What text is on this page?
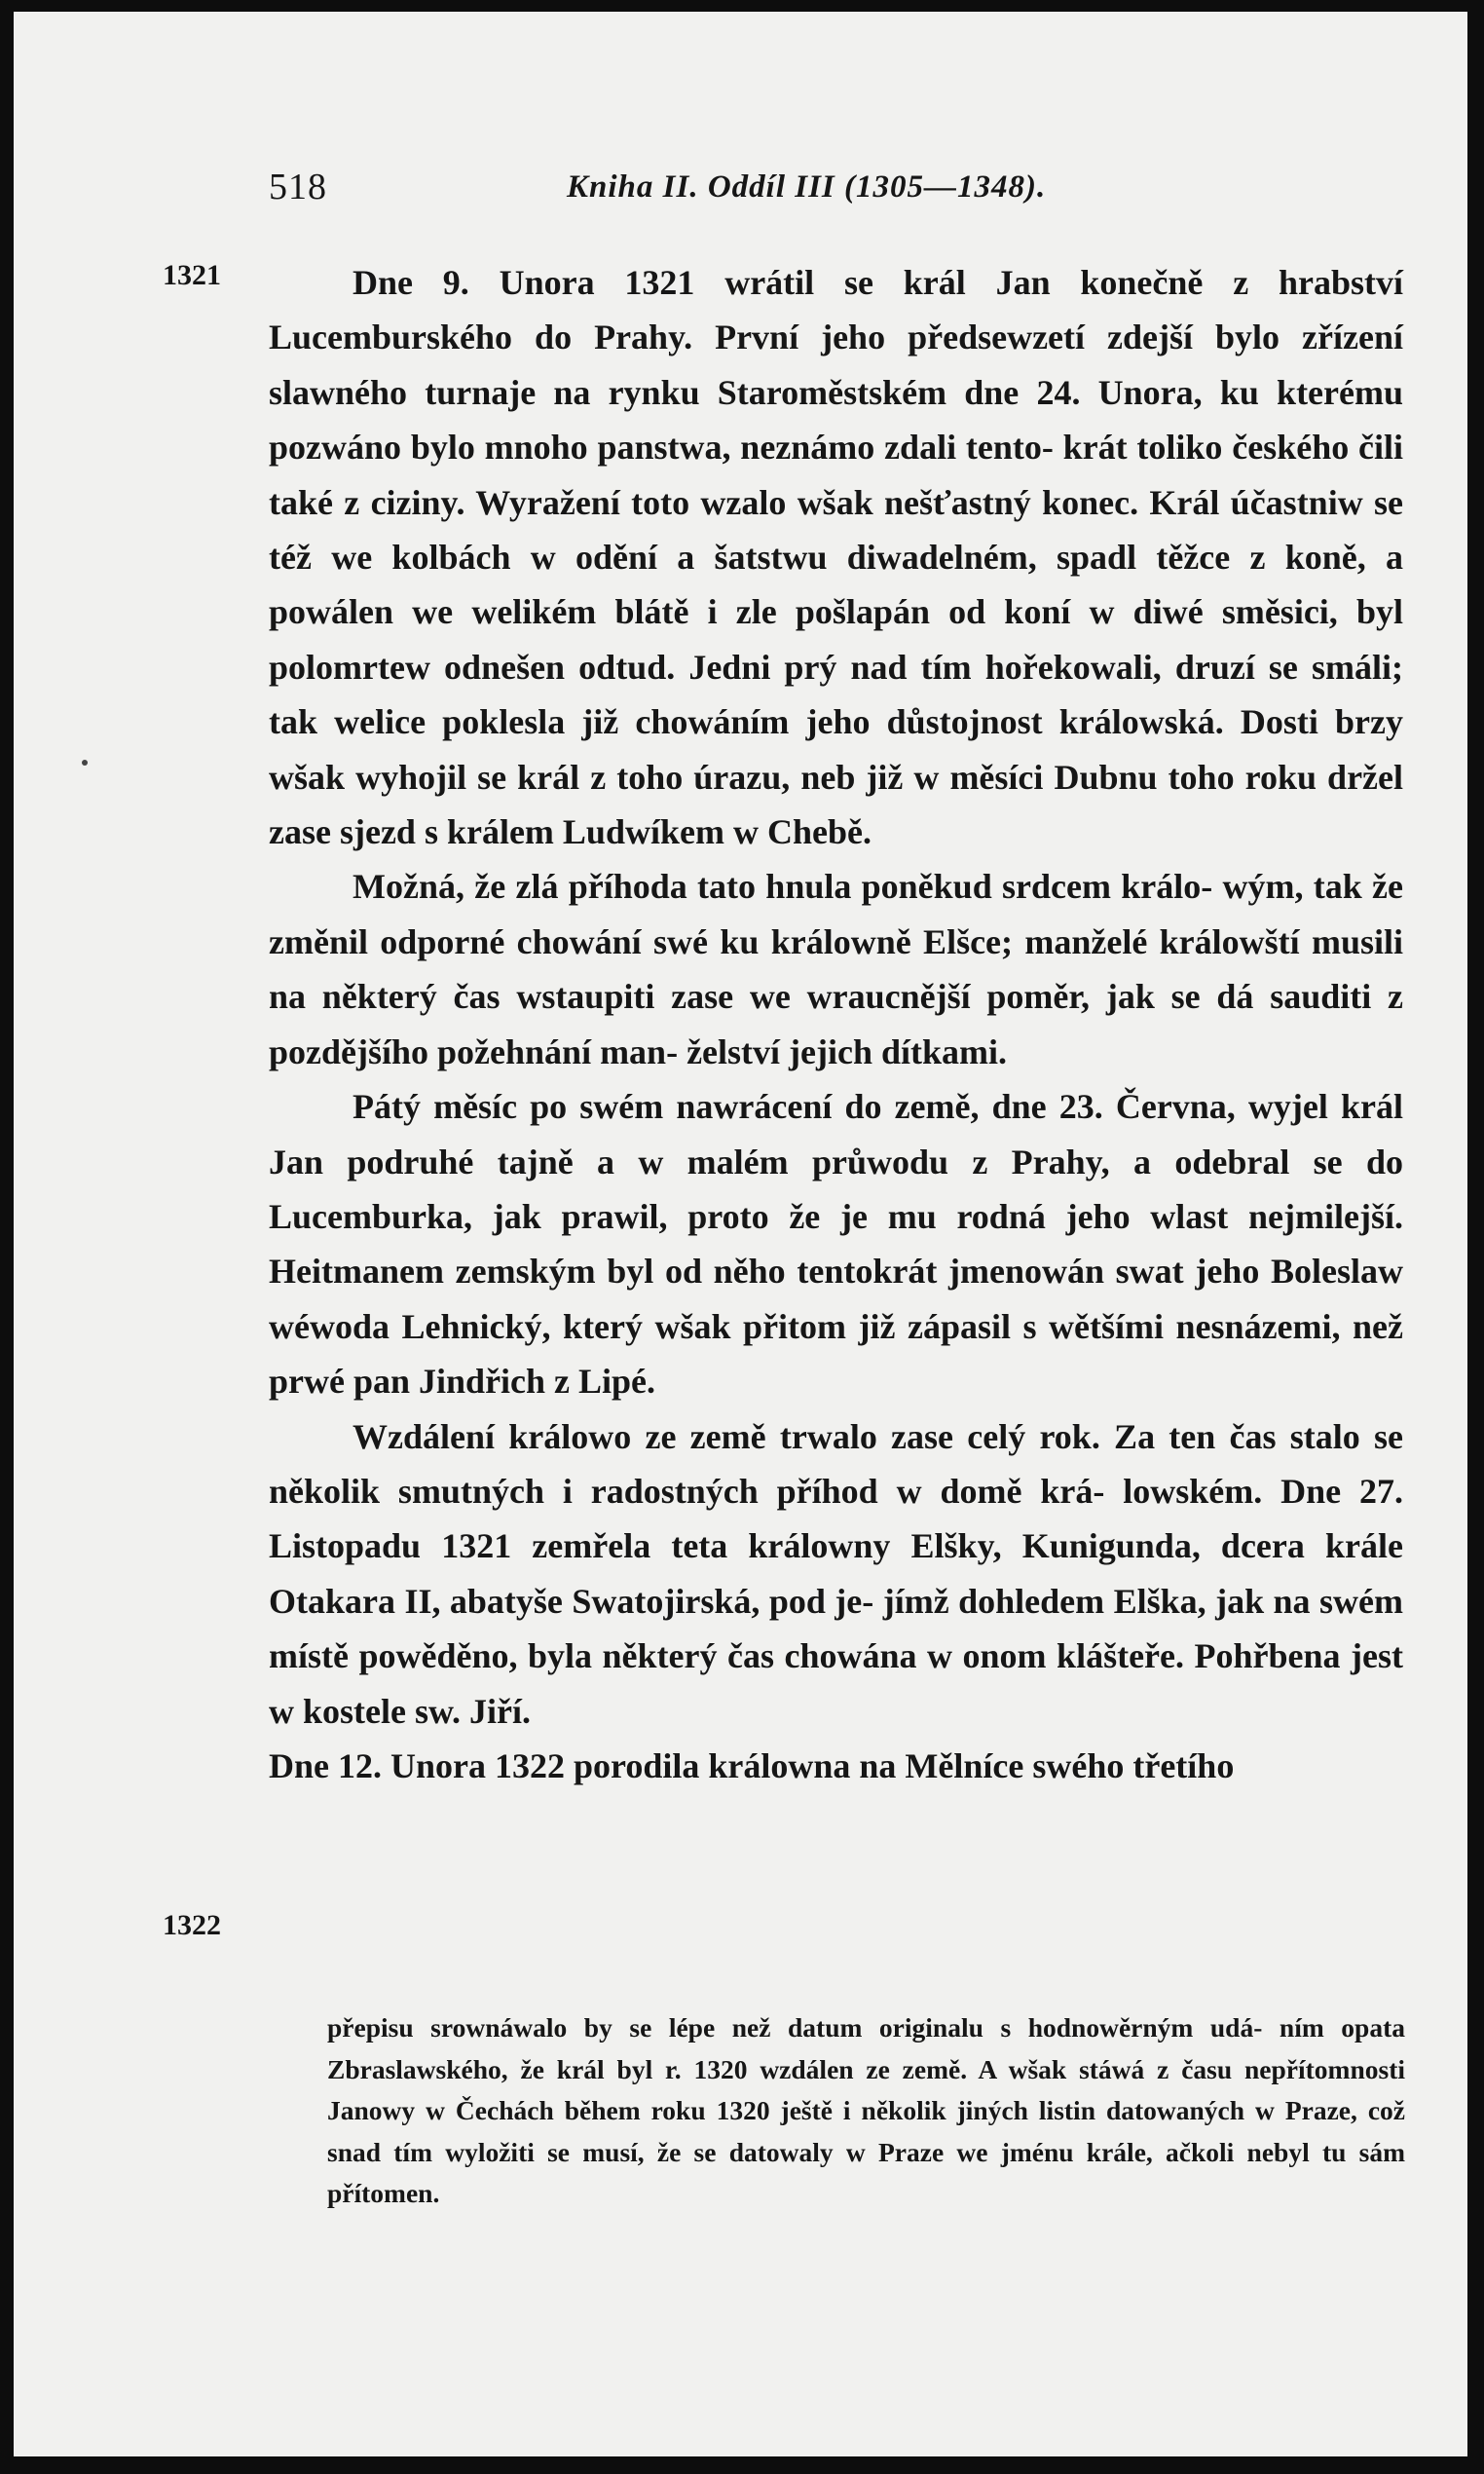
518	Kniha II. Oddíl III (1305—1348).
1321
1322

Dne 9. Unora 1321 wrátil se král Jan konečně z hrabství Lucemburského do Prahy. První jeho předsewzetí zdejší bylo zřízení slawného turnaje na rynku Staroměstském dne 24. Unora, ku kterému pozwáno bylo mnoho panstwa, neznámo zdali tento- krát toliko českého čili také z ciziny. Wyražení toto wzalo wšak nešťastný konec. Král účastniw se též we kolbách w odění a šatstwu diwadelném, spadl těžce z koně, a powálen we welikém blátě i zle pošlapán od koní w diwé směsici, byl polomrtew odnešen odtud. Jedni prý nad tím hořekowali, druzí se smáli; tak welice poklesla již chowáním jeho důstojnost králowská. Dosti brzy wšak wyhojil se král z toho úrazu, neb již w měsíci Dubnu toho roku držel zase sjezd s králem Ludwíkem w Chebě.

Možná, že zlá příhoda tato hnula poněkud srdcem králo- wým, tak že změnil odporné chowání swé ku králowně Elšce; manželé králowští musili na některý čas wstaupiti zase we wraucnější poměr, jak se dá sauditi z pozdějšího požehnání man- želství jejich dítkami.

Pátý měsíc po swém nawrácení do země, dne 23. Června, wyjel král Jan podruhé tajně a w malém průwodu z Prahy, a odebral se do Lucemburka, jak prawil, proto že je mu rodná jeho wlast nejmilejší. Heitmanem zemským byl od něho tentokrát jmenowán swat jeho Boleslaw wéwoda Lehnický, který wšak přitom již zápasil s wětšími nesnázemi, než prwé pan Jindřich z Lipé.

Wzdálení králowo ze země trwalo zase celý rok. Za ten čas stalo se několik smutných i radostných příhod w domě krá- lowském. Dne 27. Listopadu 1321 zemřela teta králowny Elšky, Kunigunda, dcera krále Otakara II, abatyše Swatojirská, pod je- jímž dohledem Elška, jak na swém místě powěděno, byla některý čas chowána w onom klášteře. Pohřbena jest w kostele sw. Jiří.

Dne 12. Unora 1322 porodila králowna na Mělníce swého třetího

přepisu srownáwalo by se lépe než datum originalu s hodnowěrným udá- ním opata Zbraslawského, že král byl r. 1320 wzdálen ze země. A wšak stáwá z času nepřítomnosti Janowy w Čechách během roku 1320 ještě i několik jiných listin datowaných w Praze, což snad tím wyložiti se musí, že se datowaly w Praze we jménu krále, ačkoli nebyl tu sám přítomen.
